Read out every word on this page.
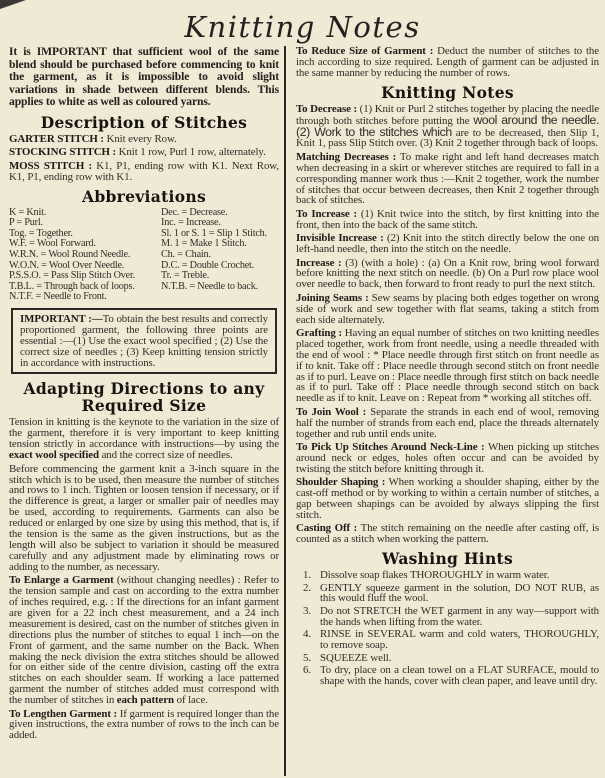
Knitting Notes

It is IMPORTANT that sufficient wool of the same blend should be purchased before commencing to knit the garment, as it is impossible to avoid slight variations in shade between different blends. This applies to white as well as coloured yarns.

Description of Stitches

GARTER STITCH : Knit every Row.

STOCKING STITCH : Knit 1 row, Purl 1 row, alternately.

MOSS STITCH : K1, P1, ending row with K1. Next Row, K1, P1, ending row with K1.

Abbreviations
K = Knit.
P = Purl.
Tog. = Together.
W.F. = Wool Forward.
W.R.N. = Wool Round Needle.
W.O.N. = Wool Over Needle.
P.S.S.O. = Pass Slip Stitch Over.
T.B.L. = Through back of loops.
N.T.F. = Needle to Front.
Dec. = Decrease.
Inc. = Increase.
Sl. 1 or S. 1 = Slip 1 Stitch.
M. 1 = Make 1 Stitch.
Ch. = Chain.
D.C. = Double Crochet.
Tr. = Treble.
N.T.B. = Needle to back.

IMPORTANT :—To obtain the best results and correctly proportioned garment, the following three points are essential :—(1) Use the exact wool specified ; (2) Use the correct size of needles ; (3) Keep knitting tension strictly in accordance with instructions.

Adapting Directions to any Required Size

Tension in knitting is the keynote to the variation in the size of the garment, therefore it is very important to keep knitting tension strictly in accordance with instructions—by using the exact wool specified and the correct size of needles.

Before commencing the garment knit a 3-inch square in the stitch which is to be used, then measure the number of stitches and rows to 1 inch. Tighten or loosen tension if necessary, or if the difference is great, a larger or smaller pair of needles may be used, according to requirements. Garments can also be reduced or enlarged by one size by using this method, that is, if the tension is the same as the given instructions, but as the length will also be subject to variation it should be measured carefully and any adjustment made by eliminating rows or adding to the number, as necessary.

To Enlarge a Garment (without changing needles) : Refer to the tension sample and cast on according to the extra number of inches required, e.g. : If the directions for an infant garment are given for a 22 inch chest measurement, and a 24 inch measurement is desired, cast on the number of stitches given in directions plus the number of stitches to equal 1 inch—on the Front of garment, and the same number on the Back. When making the neck division the extra stitches should be allowed for on either side of the centre division, casting off the extra stitches on each shoulder seam. If working a lace patterned garment the number of stitches added must correspond with the number of stitches in each pattern of lace.

To Lengthen Garment : If garment is required longer than the given instructions, the extra number of rows to the inch can be added.

To Reduce Size of Garment : Deduct the number of stitches to the inch according to size required. Length of garment can be adjusted in the same manner by reducing the number of rows.

Knitting Notes

To Decrease : (1) Knit or Purl 2 stitches together by placing the needle through both stitches before putting the wool around the needle. (2) Work to the stitches which are to be decreased, then Slip 1, Knit 1, pass Slip Stitch over. (3) Knit 2 together through back of loops.

Matching Decreases : To make right and left hand decreases match when decreasing in a skirt or wherever stitches are required to fall in a corresponding manner work thus :—Knit 2 together, work the number of stitches that occur between decreases, then Knit 2 together through back of stitches.

To Increase : (1) Knit twice into the stitch, by first knitting into the front, then into the back of the same stitch.

Invisible Increase : (2) Knit into the stitch directly below the one on left-hand needle, then into the stitch on the needle.

Increase : (3) (with a hole) : (a) On a Knit row, bring wool forward before knitting the next stitch on needle. (b) On a Purl row place wool over needle to back, then forward to front ready to purl the next stitch.

Joining Seams : Sew seams by placing both edges together on wrong side of work and sew together with flat seams, taking a stitch from each side alternately.

Grafting : Having an equal number of stitches on two knitting needles placed together, work from front needle, using a needle threaded with the end of wool : * Place needle through first stitch on front needle as if to knit. Take off : Place needle through second stitch on front needle as if to purl. Leave on : Place needle through first stitch on back needle as if to purl. Take off : Place needle through second stitch on back needle as if to knit. Leave on : Repeat from * working all stitches off.

To Join Wool : Separate the strands in each end of wool, removing half the number of strands from each end, place the threads alternately together and rub until ends unite.

To Pick Up Stitches Around Neck-Line : When picking up stitches around neck or edges, holes often occur and can be avoided by twisting the stitch before knitting through it.

Shoulder Shaping : When working a shoulder shaping, either by the cast-off method or by working to within a certain number of stitches, a gap between shapings can be avoided by always slipping the first stitch.

Casting Off : The stitch remaining on the needle after casting off, is counted as a stitch when working the pattern.

Washing Hints
1. Dissolve soap flakes THOROUGHLY in warm water.
2. GENTLY squeeze garment in the solution, DO NOT RUB, as this would fluff the wool.
3. Do not STRETCH the WET garment in any way—support with the hands when lifting from the water.
4. RINSE in SEVERAL warm and cold waters, THOROUGHLY, to remove soap.
5. SQUEEZE well.
6. To dry, place on a clean towel on a FLAT SURFACE, mould to shape with the hands, cover with clean paper, and leave until dry.
